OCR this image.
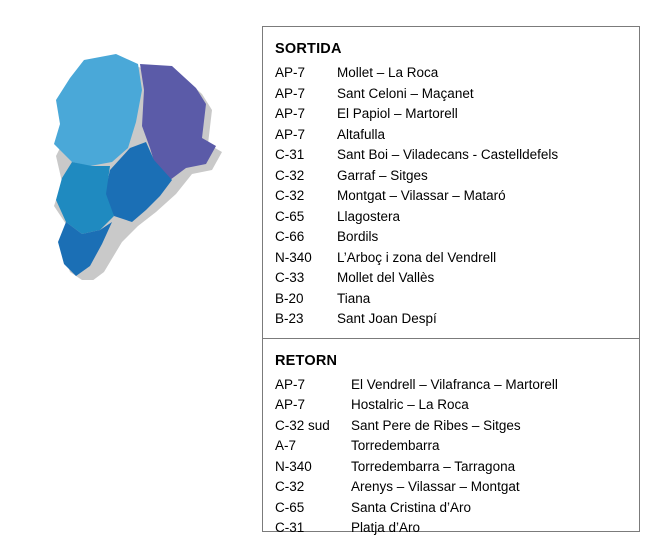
SORTIDA
AP-7	Mollet – La Roca
AP-7	Sant Celoni – Maçanet
AP-7	El Papiol – Martorell
AP-7	Altafulla
C-31	Sant Boi – Viladecans - Castelldefels
C-32	Garraf – Sitges
C-32	Montgat – Vilassar – Mataró
C-65	Llagostera
C-66	Bordils
N-340	L’Arboç i zona del Vendrell
C-33	Mollet del Vallès
B-20	Tiana
B-23	Sant Joan Despí
RETORN
AP-7	El Vendrell – Vilafranca – Martorell
AP-7	Hostalric – La Roca
C-32 sud	Sant Pere de Ribes – Sitges
A-7	Torredembarra
N-340	Torredembarra – Tarragona
C-32	Arenys – Vilassar – Montgat
C-65	Santa Cristina d’Aro
C-31	Platja d’Aro
